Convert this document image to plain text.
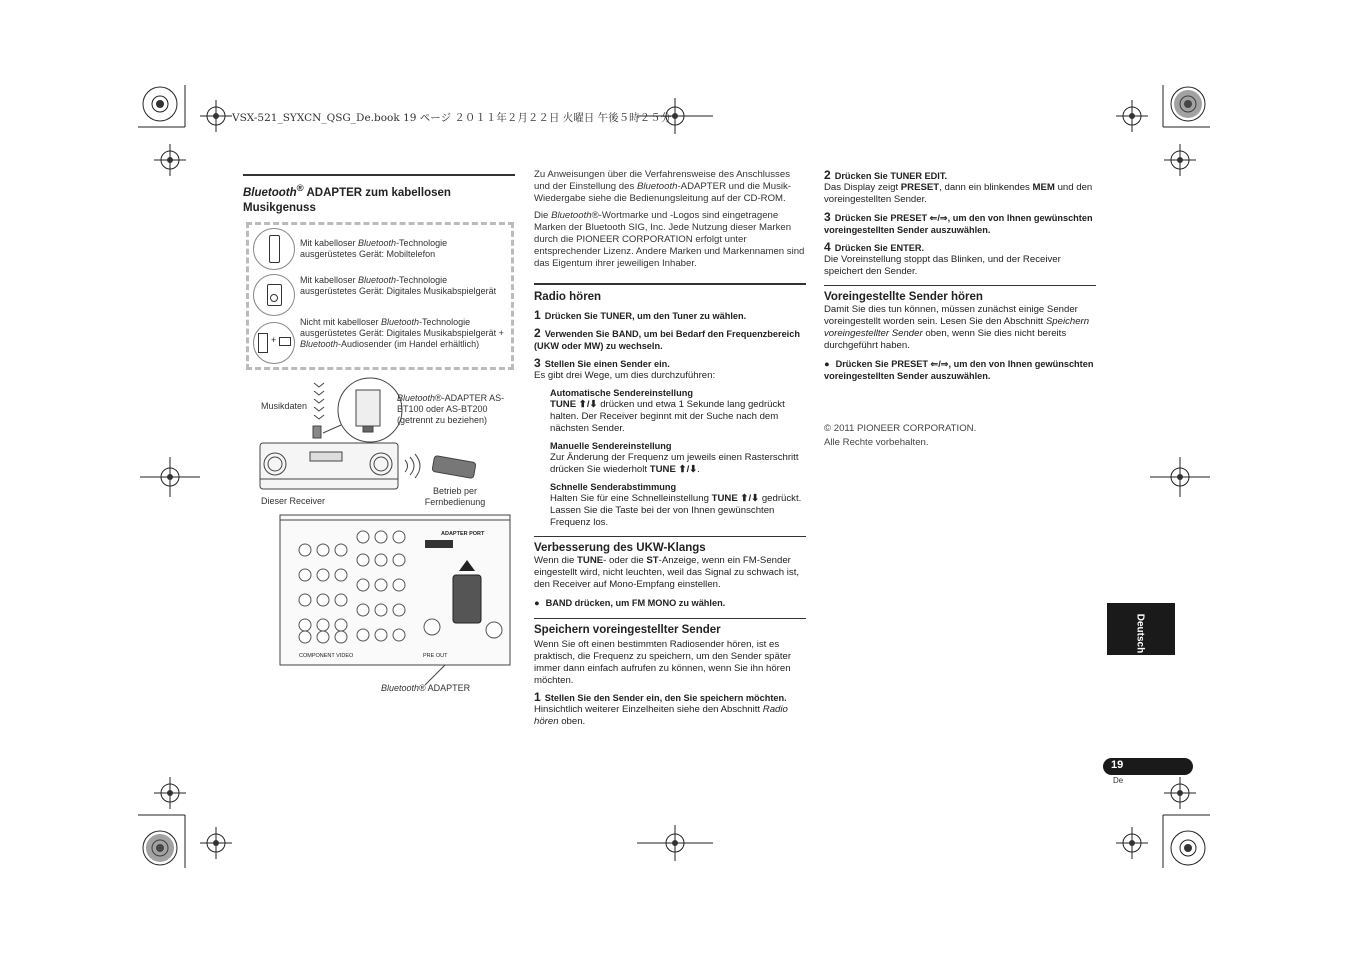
VSX-521_SYXCN_QSG_De.book 19 ページ ２０１１年２月２２日 火曜日 午後５時２５分
Bluetooth® ADAPTER zum kabellosen Musikgenuss
+
Mit kabelloser Bluetooth-Technologie ausgerüstetes Gerät: Mobiltelefon
Mit kabelloser Bluetooth-Technologie ausgerüstetes Gerät: Digitales Musikabspielgerät
Nicht mit kabelloser Bluetooth-Technologie ausgerüstetes Gerät: Digitales Musikabspielgerät + Bluetooth-Audiosender (im Handel erhältlich)
Musikdaten
Bluetooth®-ADAPTER AS-BT100 oder AS-BT200 (getrennt zu beziehen)
Dieser Receiver
Betrieb per Fernbedienung
ADAPTER PORT
COMPONENT VIDEO	PRE OUT
Bluetooth® ADAPTER

Zu Anweisungen über die Verfahrensweise des Anschlusses und der Einstellung des Bluetooth-ADAPTER und die Musik-Wiedergabe siehe die Bedienungsleitung auf der CD-ROM.

Die Bluetooth®-Wortmarke und -Logos sind eingetragene Marken der Bluetooth SIG, Inc. Jede Nutzung dieser Marken durch die PIONEER CORPORATION erfolgt unter entsprechender Lizenz. Andere Marken und Markennamen sind das Eigentum ihrer jeweiligen Inhaber.

Radio hören

1 Drücken Sie TUNER, um den Tuner zu wählen.

2 Verwenden Sie BAND, um bei Bedarf den Frequenzbereich (UKW oder MW) zu wechseln.

3 Stellen Sie einen Sender ein.

Es gibt drei Wege, um dies durchzuführen:

Automatische Sendereinstellung

TUNE ⬆/⬇ drücken und etwa 1 Sekunde lang gedrückt halten. Der Receiver beginnt mit der Suche nach dem nächsten Sender.

Manuelle Sendereinstellung

Zur Änderung der Frequenz um jeweils einen Rasterschritt drücken Sie wiederholt TUNE ⬆/⬇.

Schnelle Senderabstimmung

Halten Sie für eine Schnelleinstellung TUNE ⬆/⬇ gedrückt. Lassen Sie die Taste bei der von Ihnen gewünschten Frequenz los.

Verbesserung des UKW-Klangs

Wenn die TUNE- oder die ST-Anzeige, wenn ein FM-Sender eingestellt wird, nicht leuchten, weil das Signal zu schwach ist, den Receiver auf Mono-Empfang einstellen.

● BAND drücken, um FM MONO zu wählen.

Speichern voreingestellter Sender

Wenn Sie oft einen bestimmten Radiosender hören, ist es praktisch, die Frequenz zu speichern, um den Sender später immer dann einfach aufrufen zu können, wenn Sie ihn hören möchten.

1 Stellen Sie den Sender ein, den Sie speichern möchten.

Hinsichtlich weiterer Einzelheiten siehe den Abschnitt Radio hören oben.

2 Drücken Sie TUNER EDIT.

Das Display zeigt PRESET, dann ein blinkendes MEM und den voreingestellten Sender.

3 Drücken Sie PRESET ⇐/⇒, um den von Ihnen gewünschten voreingestellten Sender auszuwählen.

4 Drücken Sie ENTER.

Die Voreinstellung stoppt das Blinken, und der Receiver speichert den Sender.

Voreingestellte Sender hören

Damit Sie dies tun können, müssen zunächst einige Sender voreingestellt worden sein. Lesen Sie den Abschnitt Speichern voreingestellter Sender oben, wenn Sie dies nicht bereits durchgeführt haben.

● Drücken Sie PRESET ⇐/⇒, um den von Ihnen gewünschten voreingestellten Sender auszuwählen.

© 2011 PIONEER CORPORATION.

Alle Rechte vorbehalten.

Deutsch
19
De
